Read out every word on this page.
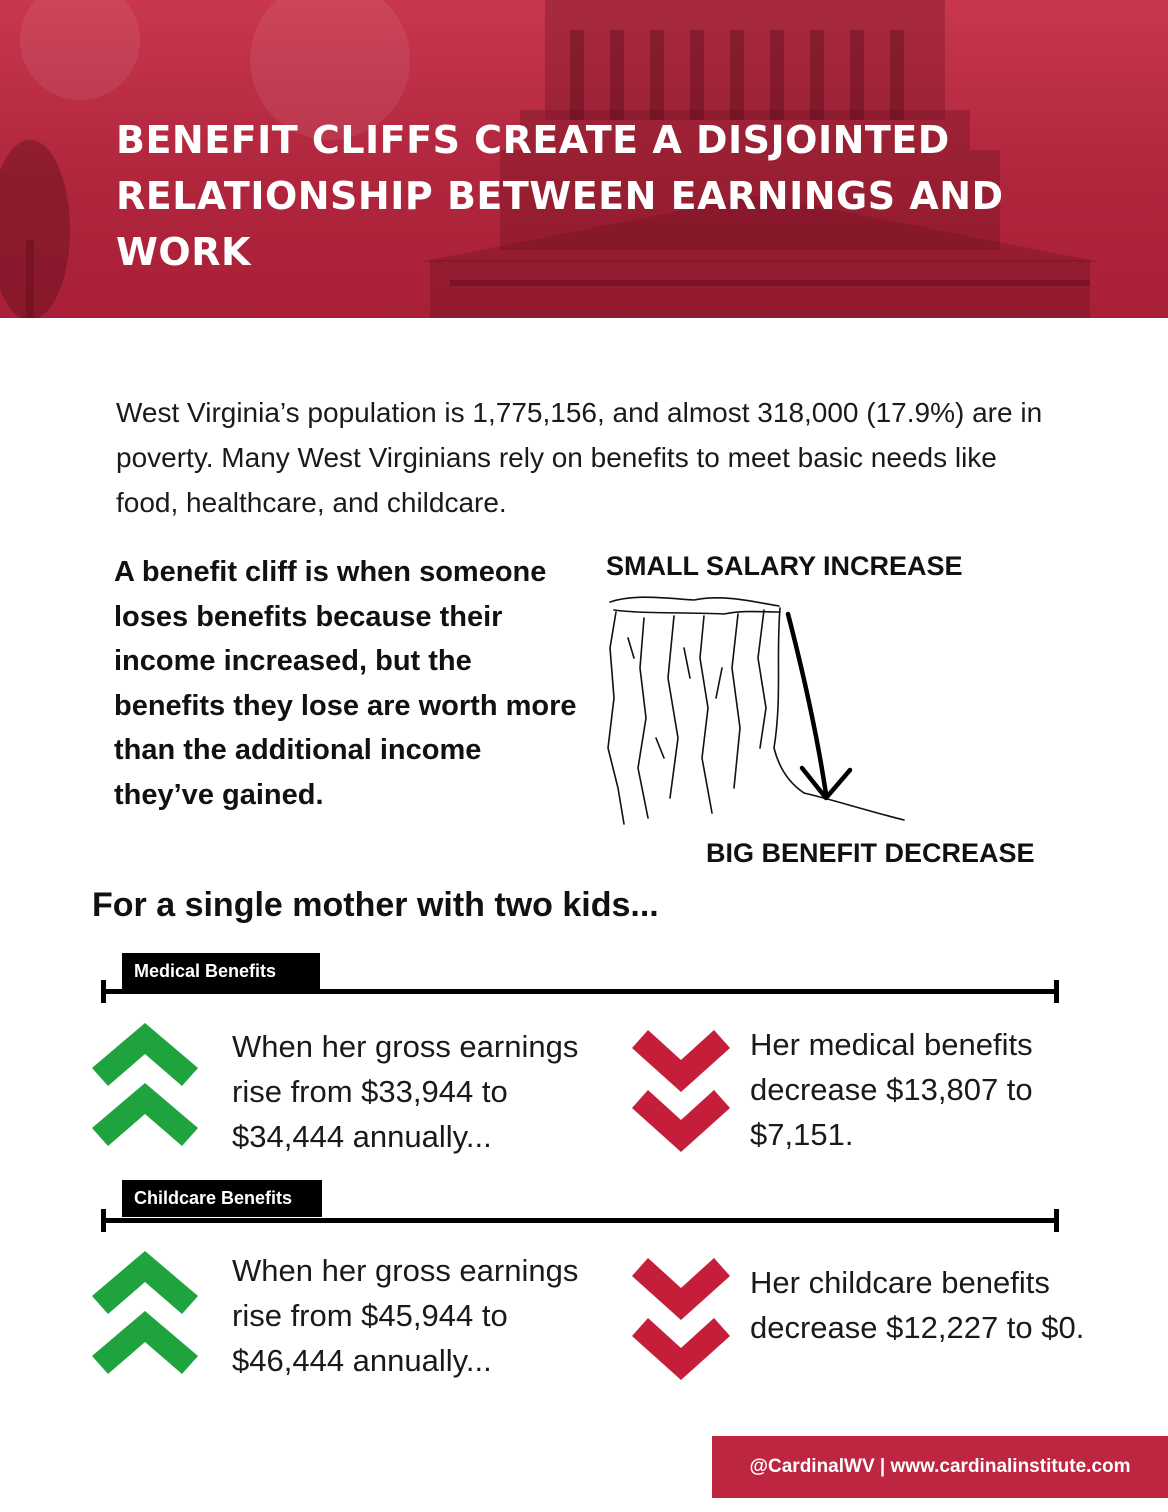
BENEFIT CLIFFS CREATE A DISJOINTED RELATIONSHIP BETWEEN EARNINGS AND WORK

West Virginia’s population is 1,775,156, and almost 318,000 (17.9%) are in poverty. Many West Virginians rely on benefits to meet basic needs like food, healthcare, and childcare.

A benefit cliff is when someone loses benefits because their income increased, but the benefits they lose are worth more than the additional income they’ve gained.

SMALL SALARY INCREASE
BIG BENEFIT DECREASE
For a single mother with two kids...
Medical Benefits

When her gross earnings rise from $33,944 to $34,444 annually...

Her medical benefits decrease $13,807 to $7,151.

Childcare Benefits

When her gross earnings rise from $45,944 to $46,444 annually...

Her childcare benefits decrease $12,227 to $0.

@CardinalWV | www.cardinalinstitute.com
